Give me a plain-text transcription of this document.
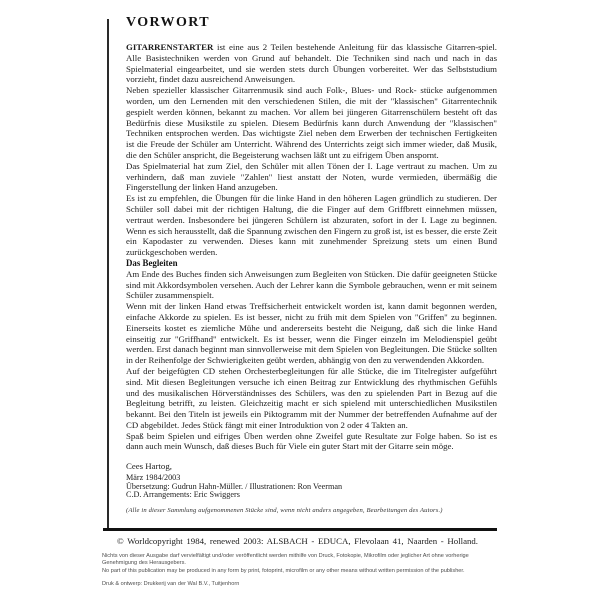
VORWORT

GITARRENSTARTER ist eine aus 2 Teilen bestehende Anleitung für das klassische Gitarren-spiel. Alle Basistechniken werden von Grund auf behandelt. Die Techniken sind nach und nach in das Spielmaterial eingearbeitet, und sie werden stets durch Übungen vorbereitet. Wer das Selbststudium vorzieht, findet dazu ausreichend Anweisungen.

Neben spezieller klassischer Gitarrenmusik sind auch Folk-, Blues- und Rock- stücke aufgenommen worden, um den Lernenden mit den verschiedenen Stilen, die mit der "klassischen" Gitarrentechnik gespielt werden können, bekannt zu machen. Vor allem bei jüngeren Gitarrenschülern besteht oft das Bedürfnis diese Musikstile zu spielen. Diesem Bedürfnis kann durch Anwendung der "klassischen" Techniken entsprochen werden. Das wichtigste Ziel neben dem Erwerben der technischen Fertigkeiten ist die Freude der Schüler am Unterricht. Während des Unterrichts zeigt sich immer wieder, daß Musik, die den Schüler anspricht, die Begeisterung wachsen läßt unt zu eifrigem Üben anspornt.

Das Spielmaterial hat zum Ziel, den Schüler mit allen Tönen der I. Lage vertraut zu machen. Um zu verhindern, daß man zuviele "Zahlen" liest anstatt der Noten, wurde vermieden, übermäßig die Fingerstellung der linken Hand anzugeben.

Es ist zu empfehlen, die Übungen für die linke Hand in den höheren Lagen gründlich zu studieren. Der Schüler soll dabei mit der richtigen Haltung, die die Finger auf dem Griffbrett einnehmen müssen, vertraut werden. Insbesondere bei jüngeren Schülern ist abzuraten, sofort in der I. Lage zu beginnen. Wenn es sich herausstellt, daß die Spannung zwischen den Fingern zu groß ist, ist es besser, die erste Zeit ein Kapodaster zu verwenden. Dieses kann mit zunehmender Spreizung stets um einen Bund zurückgeschoben werden.

Das Begleiten

Am Ende des Buches finden sich Anweisungen zum Begleiten von Stücken. Die dafür geeigneten Stücke sind mit Akkordsymbolen versehen. Auch der Lehrer kann die Symbole gebrauchen, wenn er mit seinem Schüler zusammenspielt.

Wenn mit der linken Hand etwas Treffsicherheit entwickelt worden ist, kann damit begonnen werden, einfache Akkorde zu spielen. Es ist besser, nicht zu früh mit dem Spielen von "Griffen" zu beginnen. Einerseits kostet es ziemliche Mühe und andererseits besteht die Neigung, daß sich die linke Hand einseitig zur "Griffhand" entwickelt. Es ist besser, wenn die Finger einzeln im Melodienspiel geübt werden. Erst danach beginnt man sinnvollerweise mit dem Spielen von Begleitungen. Die Stücke sollten in der Reihenfolge der Schwierigkeiten geübt werden, abhängig von den zu verwendenden Akkorden.

Auf der beigefügten CD stehen Orchesterbegleitungen für alle Stücke, die im Titelregister aufgeführt sind. Mit diesen Begleitungen versuche ich einen Beitrag zur Entwicklung des rhythmischen Gefühls und des musikalischen Hörverständnisses des Schülers, was den zu spielenden Part in Bezug auf die Begleitung betrifft, zu leisten. Gleichzeitig macht er sich spielend mit unterschiedlichen Musikstilen bekannt. Bei den Titeln ist jeweils ein Piktogramm mit der Nummer der betreffenden Aufnahme auf der CD abgebildet. Jedes Stück fängt mit einer Introduktion von 2 oder 4 Takten an.

Spaß beim Spielen und eifriges Üben werden ohne Zweifel gute Resultate zur Folge haben. So ist es dann auch mein Wunsch, daß dieses Buch für Viele ein guter Start mit der Gitarre sein möge.

Cees Hartog,
März 1984/2003
Übersetzung: Gudrun Hahn-Müller. / Illustrationen: Ron Veerman
C.D. Arrangements: Eric Swiggers
(Alle in dieser Sammlung aufgenommenen Stücke sind, wenn nicht anders angegeben, Bearbeitungen des Autors.)
© Worldcopyright 1984, renewed 2003: ALSBACH - EDUCA, Flevolaan 41, Naarden - Holland.
Nichts von dieser Ausgabe darf vervielfältigt und/oder veröffentlicht werden mithilfe von Druck, Fotokopie, Mikrofilm oder jeglicher Art ohne vorherige
Genehmigung des Herausgebers.
No part of this publication may be produced in any form by print, fotoprint, microfilm or any other means without written permission of the publisher.
Druk & ontwerp: Drukkerij van der Wal B.V., Tuitjenhorn
